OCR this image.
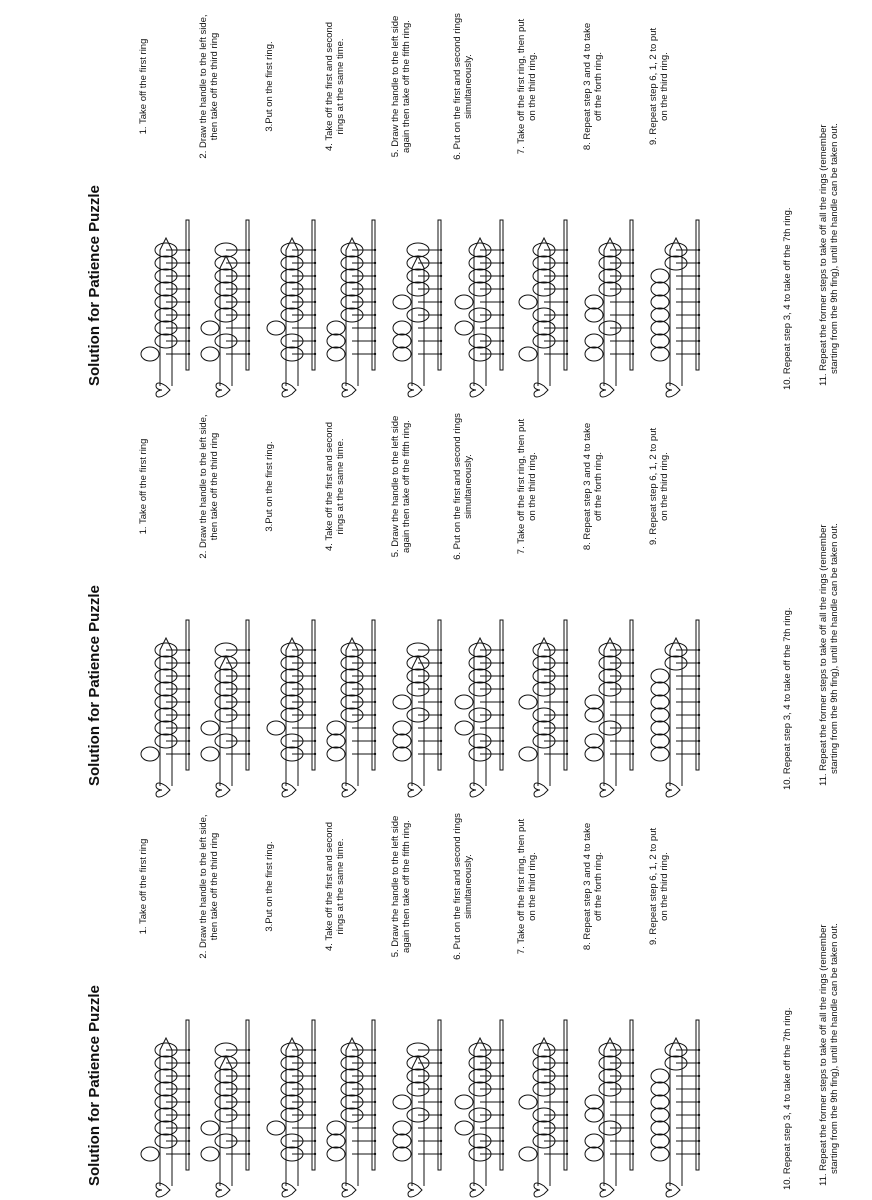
Solution for Patience Puzzle
1. Take off the first ring	2. Draw the handle to the left side, then take off the third ring	3.Put on the first ring.	4. Take off the first and second rings at the same time.	5. Draw the handle to the left side again then take off the fifth ring.	6. Put on the first and second rings simultaneously.	7. Take off the first ring, then put on the third ring.	8. Repeat step 3 and 4 to take off the forth ring.	9. Repeat step 6, 1, 2 to put on the third ring.
10. Repeat step 3, 4 to take off the 7th ring.	11. Repeat the former steps to take off all the rings (remember starting from the 9th fing), until the handle can be taken out.
Solution for Patience Puzzle
1. Take off the first ring	2. Draw the handle to the left side, then take off the third ring	3.Put on the first ring.	4. Take off the first and second rings at the same time.	5. Draw the handle to the left side again then take off the fifth ring.	6. Put on the first and second rings simultaneously.	7. Take off the first ring, then put on the third ring.	8. Repeat step 3 and 4 to take off the forth ring.	9. Repeat step 6, 1, 2 to put on the third ring.
10. Repeat step 3, 4 to take off the 7th ring.	11. Repeat the former steps to take off all the rings (remember starting from the 9th fing), until the handle can be taken out.
Solution for Patience Puzzle
1. Take off the first ring	2. Draw the handle to the left side, then take off the third ring	3.Put on the first ring.	4. Take off the first and second rings at the same time.	5. Draw the handle to the left side again then take off the fifth ring.	6. Put on the first and second rings simultaneously.	7. Take off the first ring, then put on the third ring.	8. Repeat step 3 and 4 to take off the forth ring.	9. Repeat step 6, 1, 2 to put on the third ring.
10. Repeat step 3, 4 to take off the 7th ring.	11. Repeat the former steps to take off all the rings (remember starting from the 9th fing), until the handle can be taken out.
